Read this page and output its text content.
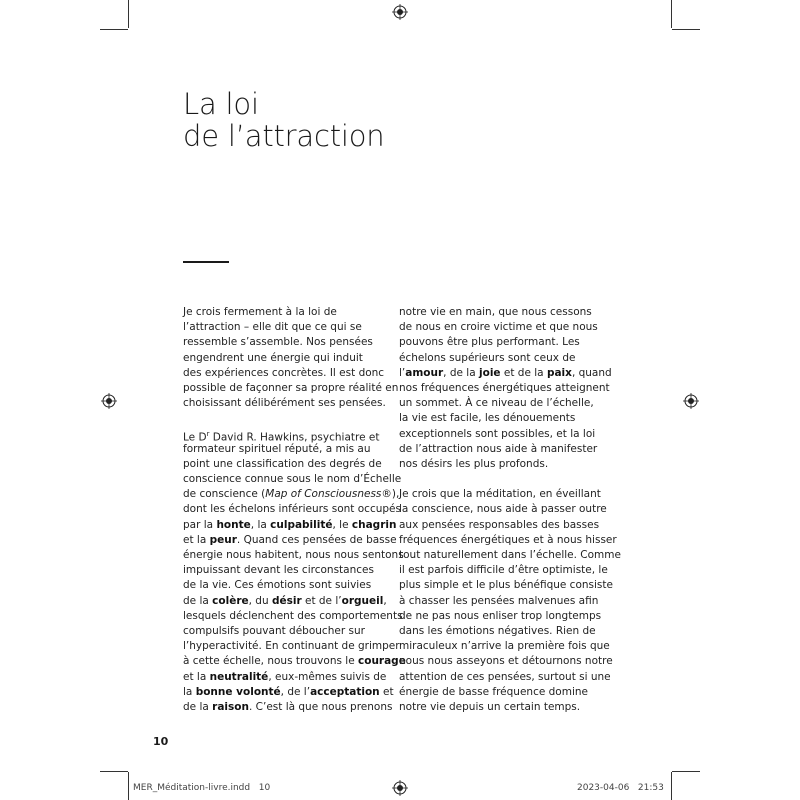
La loi
de l’attraction
Je crois fermement à la loi de
l’attraction – elle dit que ce qui se
ressemble s’assemble. Nos pensées
engendrent une énergie qui induit
des expériences concrètes. Il est donc
possible de façonner sa propre réalité en
choisissant délibérément ses pensées.
Le $D^r$ David R. Hawkins, psychiatre et
formateur spirituel réputé, a mis au
point une classification des degrés de
conscience connue sous le nom d’Échelle
de conscience (Map of Consciousness®),
dont les échelons inférieurs sont occupés
par la honte, la culpabilité, le chagrin
et la peur. Quand ces pensées de basse
énergie nous habitent, nous nous sentons
impuissant devant les circonstances
de la vie. Ces émotions sont suivies
de la colère, du désir et de l’orgueil,
lesquels déclenchent des comportements
compulsifs pouvant déboucher sur
l’hyperactivité. En continuant de grimper
à cette échelle, nous trouvons le courage
et la neutralité, eux-mêmes suivis de
la bonne volonté, de l’acceptation et
de la raison. C’est là que nous prenons
notre vie en main, que nous cessons
de nous en croire victime et que nous
pouvons être plus performant. Les
échelons supérieurs sont ceux de
l’amour, de la joie et de la paix, quand
nos fréquences énergétiques atteignent
un sommet. À ce niveau de l’échelle,
la vie est facile, les dénouements
exceptionnels sont possibles, et la loi
de l’attraction nous aide à manifester
nos désirs les plus profonds.
Je crois que la méditation, en éveillant
la conscience, nous aide à passer outre
aux pensées responsables des basses
fréquences énergétiques et à nous hisser
tout naturellement dans l’échelle. Comme
il est parfois difficile d’être optimiste, le
plus simple et le plus bénéfique consiste
à chasser les pensées malvenues afin
de ne pas nous enliser trop longtemps
dans les émotions négatives. Rien de
miraculeux n’arrive la première fois que
nous nous asseyons et détournons notre
attention de ces pensées, surtout si une
énergie de basse fréquence domine
notre vie depuis un certain temps.
10
MER_Méditation-livre.indd 10	2023-04-06 21:53
